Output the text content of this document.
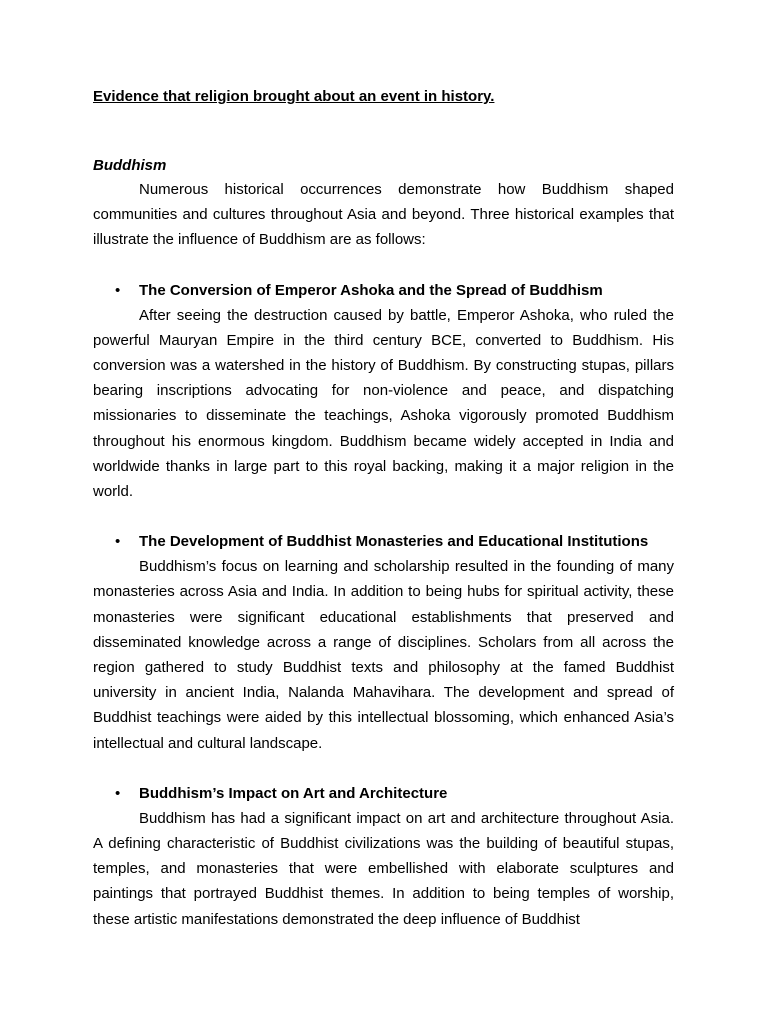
Evidence that religion brought about an event in history.

Buddhism

Numerous historical occurrences demonstrate how Buddhism shaped communities and cultures throughout Asia and beyond. Three historical examples that illustrate the influence of Buddhism are as follows:

• The Conversion of Emperor Ashoka and the Spread of Buddhism

After seeing the destruction caused by battle, Emperor Ashoka, who ruled the powerful Mauryan Empire in the third century BCE, converted to Buddhism. His conversion was a watershed in the history of Buddhism. By constructing stupas, pillars bearing inscriptions advocating for non-violence and peace, and dispatching missionaries to disseminate the teachings, Ashoka vigorously promoted Buddhism throughout his enormous kingdom. Buddhism became widely accepted in India and worldwide thanks in large part to this royal backing, making it a major religion in the world.

• The Development of Buddhist Monasteries and Educational Institutions

Buddhism’s focus on learning and scholarship resulted in the founding of many monasteries across Asia and India. In addition to being hubs for spiritual activity, these monasteries were significant educational establishments that preserved and disseminated knowledge across a range of disciplines. Scholars from all across the region gathered to study Buddhist texts and philosophy at the famed Buddhist university in ancient India, Nalanda Mahavihara. The development and spread of Buddhist teachings were aided by this intellectual blossoming, which enhanced Asia’s intellectual and cultural landscape.

• Buddhism’s Impact on Art and Architecture

Buddhism has had a significant impact on art and architecture throughout Asia. A defining characteristic of Buddhist civilizations was the building of beautiful stupas, temples, and monasteries that were embellished with elaborate sculptures and paintings that portrayed Buddhist themes. In addition to being temples of worship, these artistic manifestations demonstrated the deep influence of Buddhist
